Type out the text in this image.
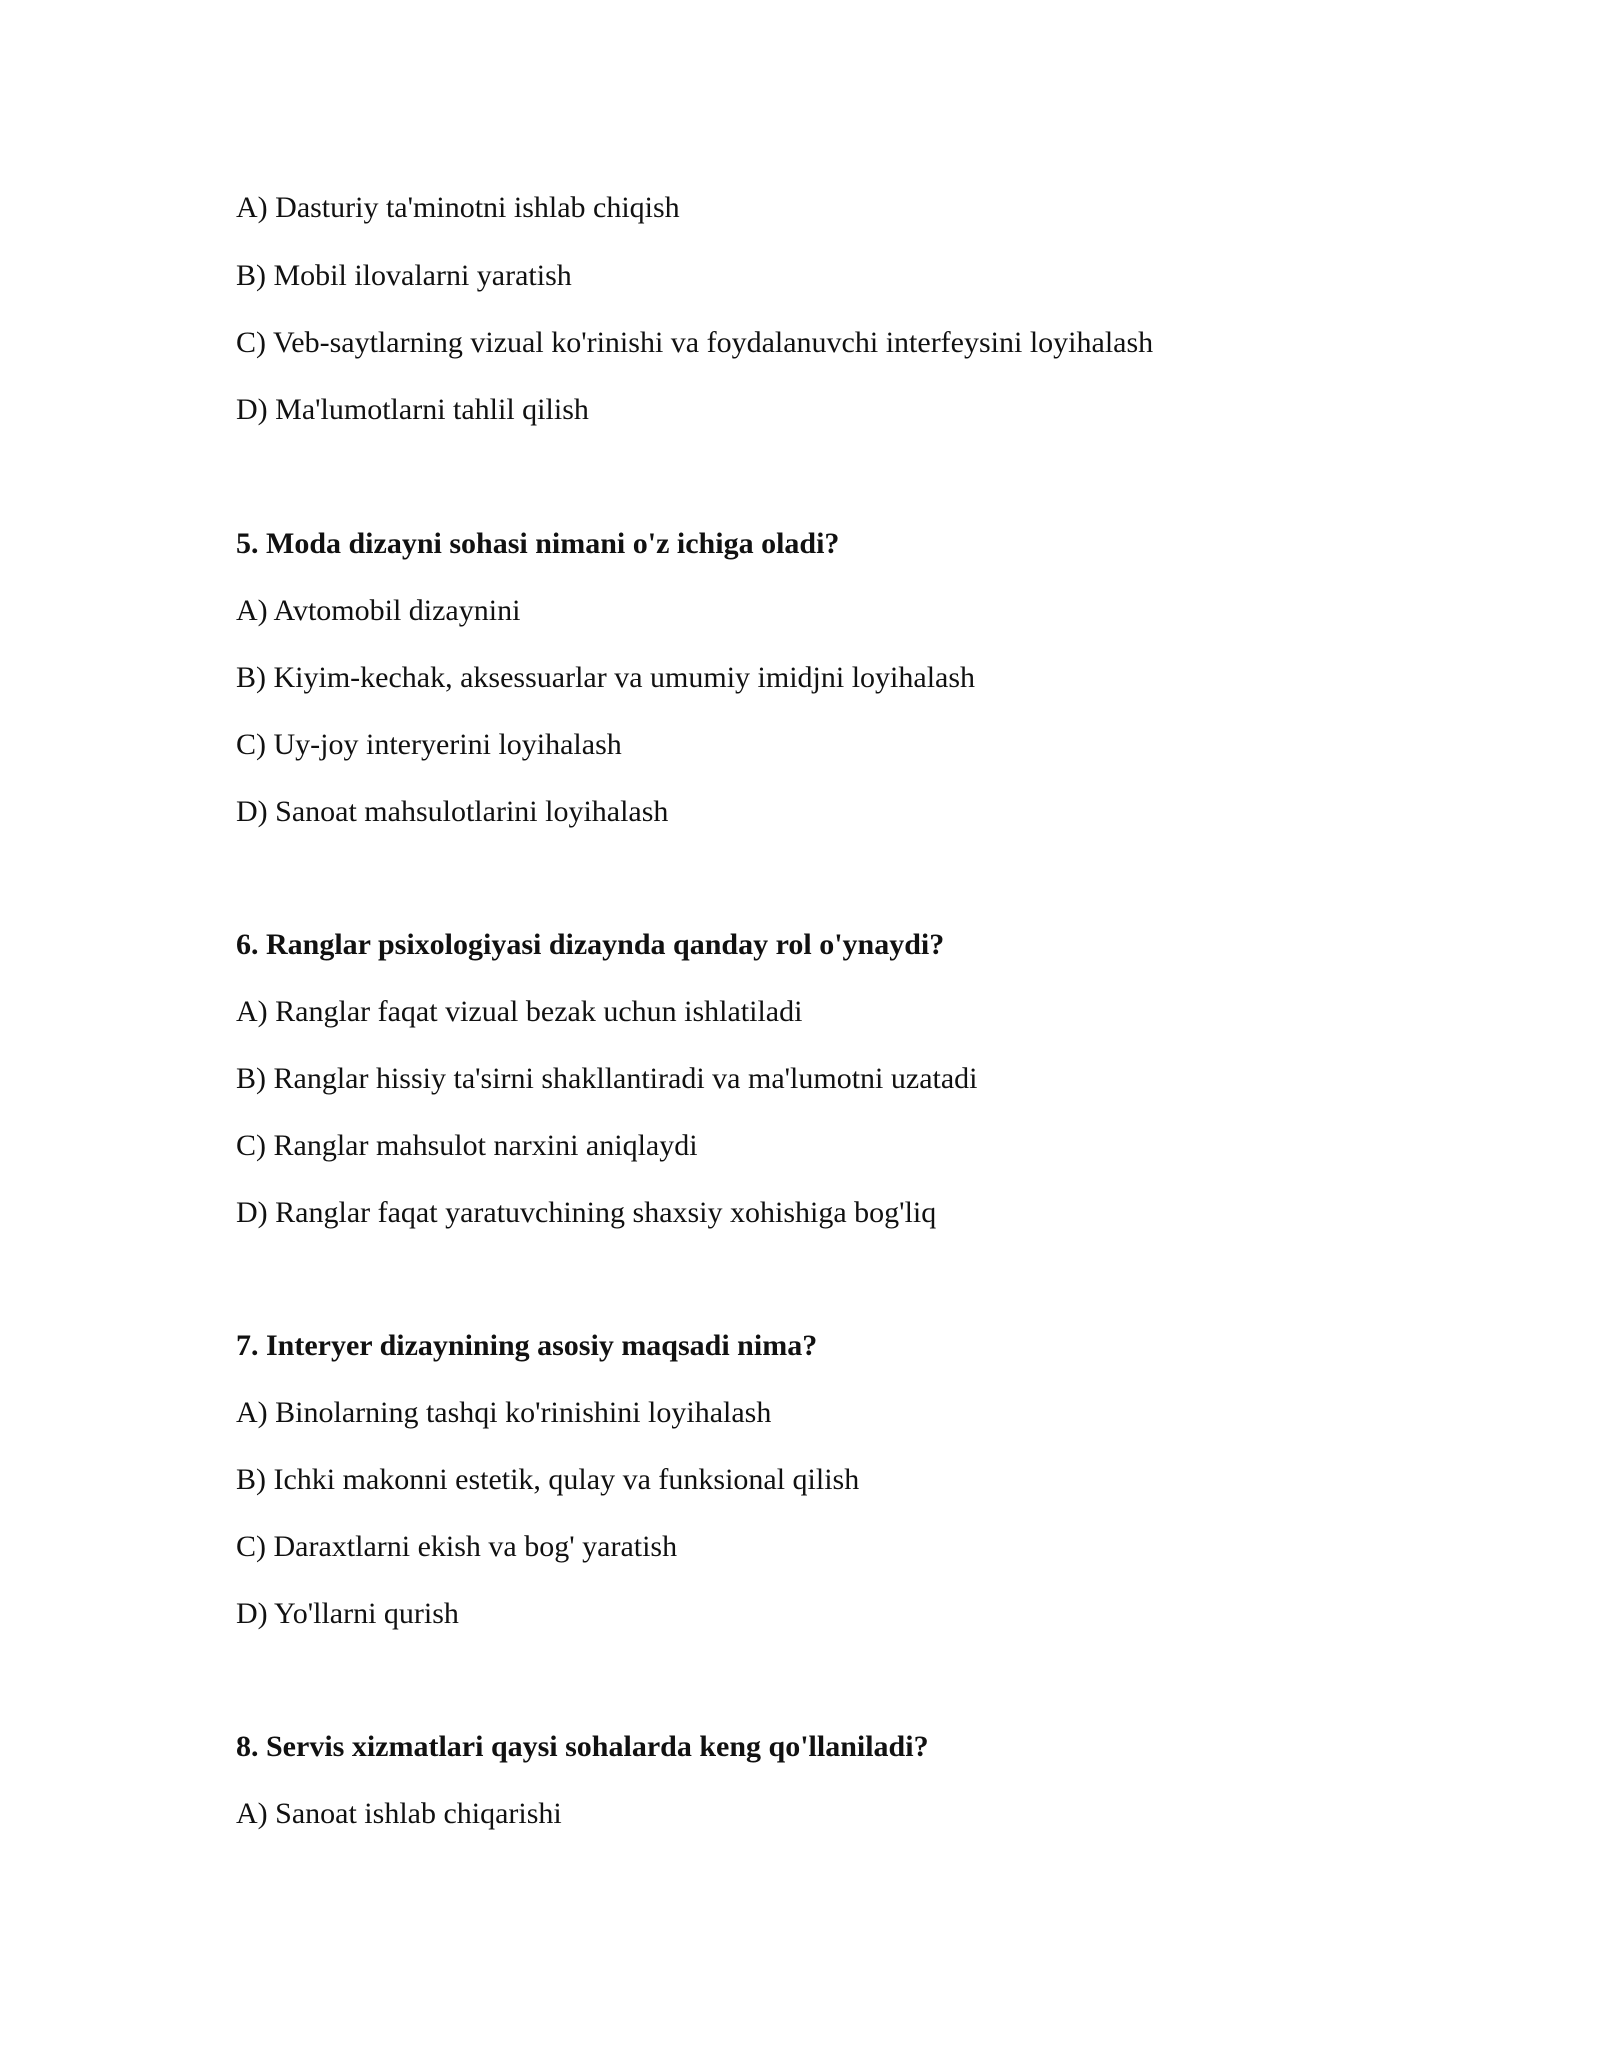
A) Dasturiy ta'minotni ishlab chiqish
B) Mobil ilovalarni yaratish
C) Veb-saytlarning vizual ko'rinishi va foydalanuvchi interfeysini loyihalash
D) Ma'lumotlarni tahlil qilish
5. Moda dizayni sohasi nimani o'z ichiga oladi?
A) Avtomobil dizaynini
B) Kiyim-kechak, aksessuarlar va umumiy imidjni loyihalash
C) Uy-joy interyerini loyihalash
D) Sanoat mahsulotlarini loyihalash
6. Ranglar psixologiyasi dizaynda qanday rol o'ynaydi?
A) Ranglar faqat vizual bezak uchun ishlatiladi
B) Ranglar hissiy ta'sirni shakllantiradi va ma'lumotni uzatadi
C) Ranglar mahsulot narxini aniqlaydi
D) Ranglar faqat yaratuvchining shaxsiy xohishiga bog'liq
7. Interyer dizaynining asosiy maqsadi nima?
A) Binolarning tashqi ko'rinishini loyihalash
B) Ichki makonni estetik, qulay va funksional qilish
C) Daraxtlarni ekish va bog' yaratish
D) Yo'llarni qurish
8. Servis xizmatlari qaysi sohalarda keng qo'llaniladi?
A) Sanoat ishlab chiqarishi
